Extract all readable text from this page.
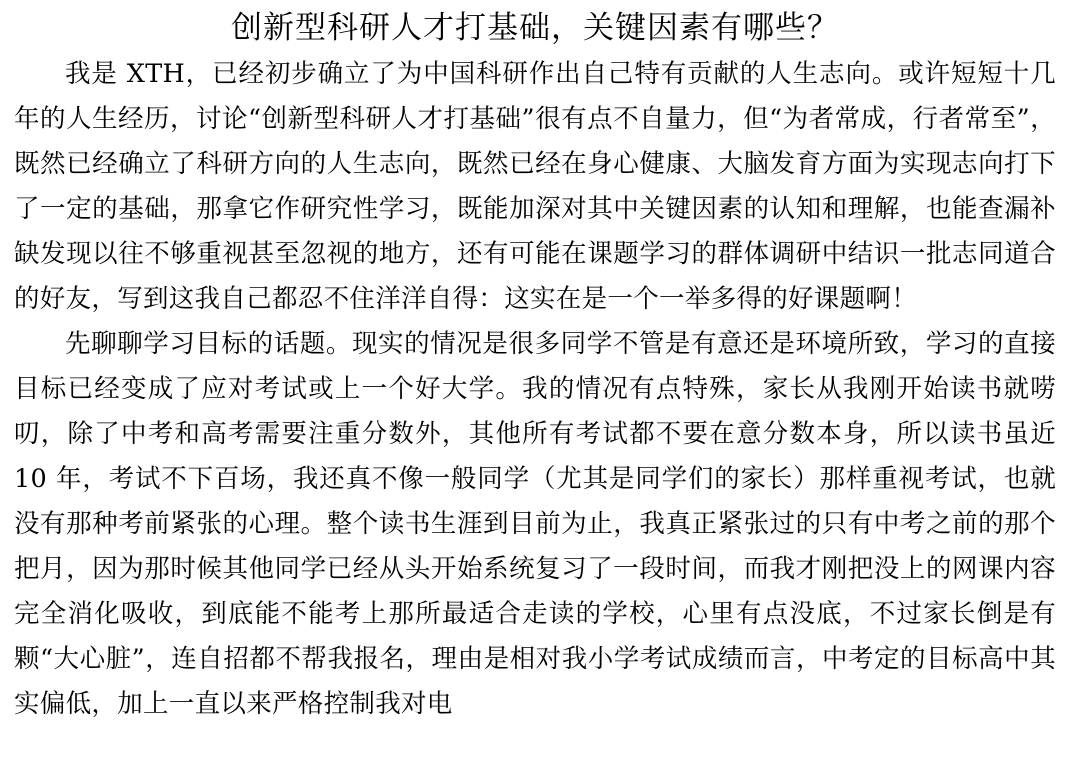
创新型科研人才打基础，关键因素有哪些？

我是 XTH，已经初步确立了为中国科研作出自己特有贡献的人生志向。或许短短十几年的人生经历，讨论“创新型科研人才打基础”很有点不自量力，但“为者常成，行者常至”，既然已经确立了科研方向的人生志向，既然已经在身心健康、大脑发育方面为实现志向打下了一定的基础，那拿它作研究性学习，既能加深对其中关键因素的认知和理解，也能查漏补缺发现以往不够重视甚至忽视的地方，还有可能在课题学习的群体调研中结识一批志同道合的好友，写到这我自己都忍不住洋洋自得：这实在是一个一举多得的好课题啊！

先聊聊学习目标的话题。现实的情况是很多同学不管是有意还是环境所致，学习的直接目标已经变成了应对考试或上一个好大学。我的情况有点特殊，家长从我刚开始读书就唠叨，除了中考和高考需要注重分数外，其他所有考试都不要在意分数本身，所以读书虽近 10 年，考试不下百场，我还真不像一般同学（尤其是同学们的家长）那样重视考试，也就没有那种考前紧张的心理。整个读书生涯到目前为止，我真正紧张过的只有中考之前的那个把月，因为那时候其他同学已经从头开始系统复习了一段时间，而我才刚把没上的网课内容完全消化吸收，到底能不能考上那所最适合走读的学校，心里有点没底，不过家长倒是有颗“大心脏”，连自招都不帮我报名，理由是相对我小学考试成绩而言，中考定的目标高中其实偏低，加上一直以来严格控制我对电
